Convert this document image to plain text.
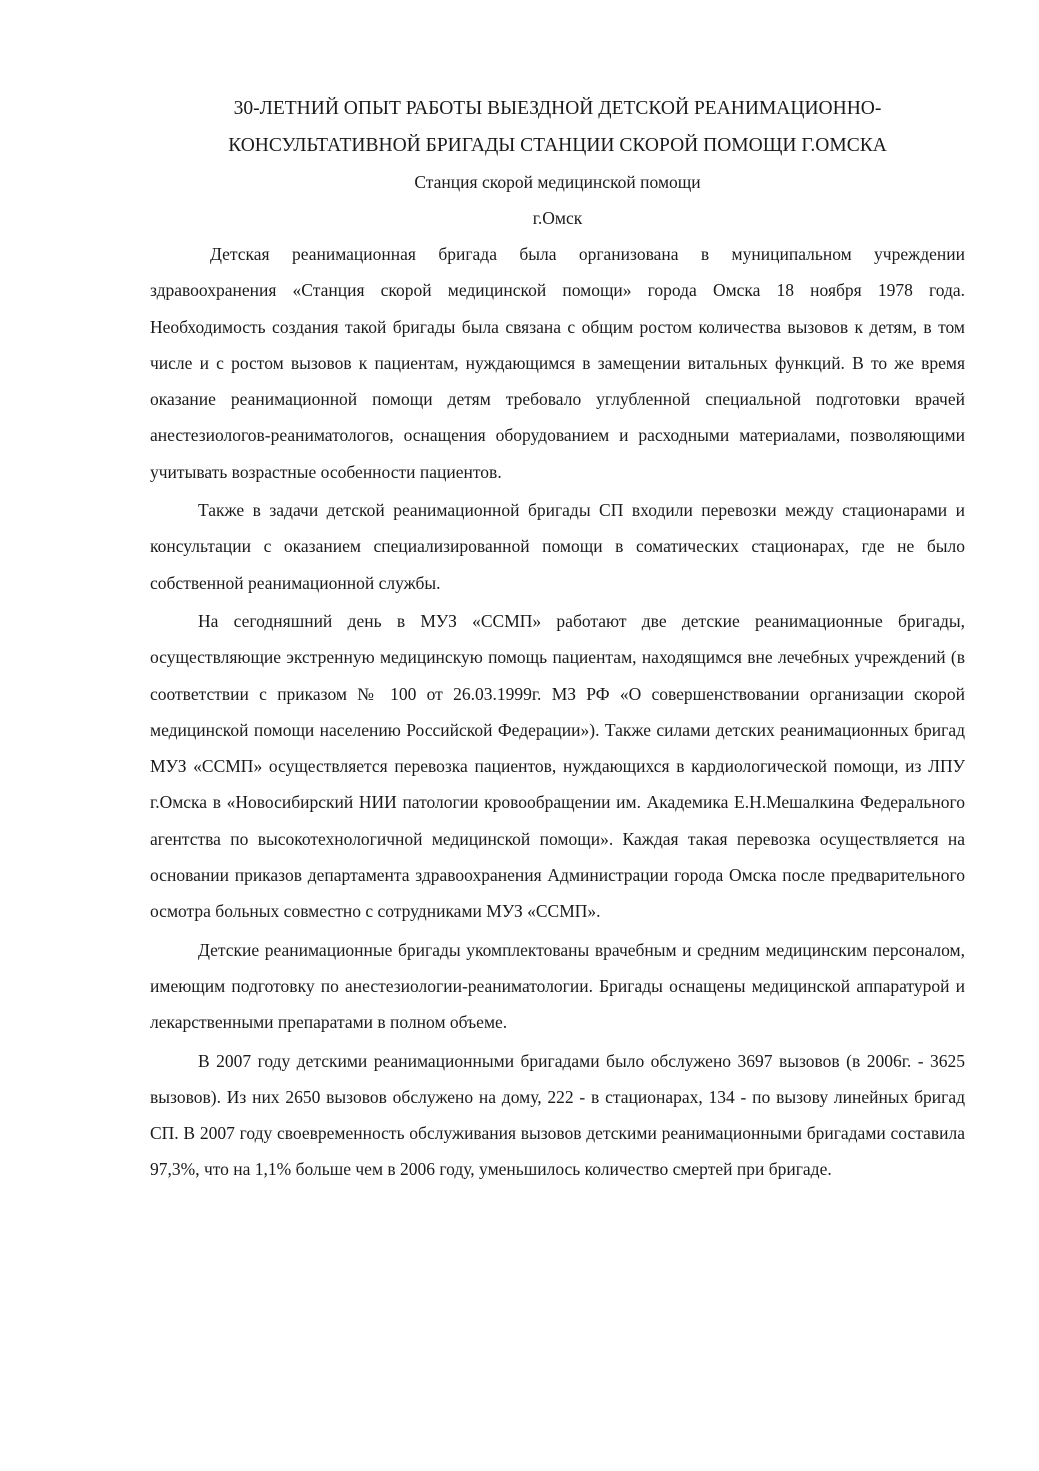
30-ЛЕТНИЙ ОПЫТ РАБОТЫ ВЫЕЗДНОЙ ДЕТСКОЙ РЕАНИМАЦИОННО-
КОНСУЛЬТАТИВНОЙ БРИГАДЫ СТАНЦИИ СКОРОЙ ПОМОЩИ Г.ОМСКА
Станция скорой медицинской помощи
г.Омск

Детская реанимационная бригада была организована в муниципальном учреждении здравоохранения «Станция скорой медицинской помощи» города Омска 18 ноября 1978 года. Необходимость создания такой бригады была связана с общим ростом количества вызовов к детям, в том числе и с ростом вызовов к пациентам, нуждающимся в замещении витальных функций. В то же время оказание реанимационной помощи детям требовало углубленной специальной подготовки врачей анестезиологов-реаниматологов, оснащения оборудованием и расходными материалами, позволяющими учитывать возрастные особенности пациентов.

Также в задачи детской реанимационной бригады СП входили перевозки между стационарами и консультации с оказанием специализированной помощи в соматических стационарах, где не было собственной реанимационной службы.

На сегодняшний день в МУЗ «ССМП» работают две детские реанимационные бригады, осуществляющие экстренную медицинскую помощь пациентам, находящимся вне лечебных учреждений (в соответствии с приказом № 100 от 26.03.1999г. МЗ РФ «О совершенствовании организации скорой медицинской помощи населению Российской Федерации»). Также силами детских реанимационных бригад МУЗ «ССМП» осуществляется перевозка пациентов, нуждающихся в кардиологической помощи, из ЛПУ г.Омска в «Новосибирский НИИ патологии кровообращении им. Академика Е.Н.Мешалкина Федерального агентства по высокотехнологичной медицинской помощи». Каждая такая перевозка осуществляется на основании приказов департамента здравоохранения Администрации города Омска после предварительного осмотра больных совместно с сотрудниками МУЗ «ССМП».

Детские реанимационные бригады укомплектованы врачебным и средним медицинским персоналом, имеющим подготовку по анестезиологии-реаниматологии. Бригады оснащены медицинской аппаратурой и лекарственными препаратами в полном объеме.

В 2007 году детскими реанимационными бригадами было обслужено 3697 вызовов (в 2006г. - 3625 вызовов). Из них 2650 вызовов обслужено на дому, 222 - в стационарах, 134 - по вызову линейных бригад СП. В 2007 году своевременность обслуживания вызовов детскими реанимационными бригадами составила 97,3%, что на 1,1% больше чем в 2006 году, уменьшилось количество смертей при бригаде.
